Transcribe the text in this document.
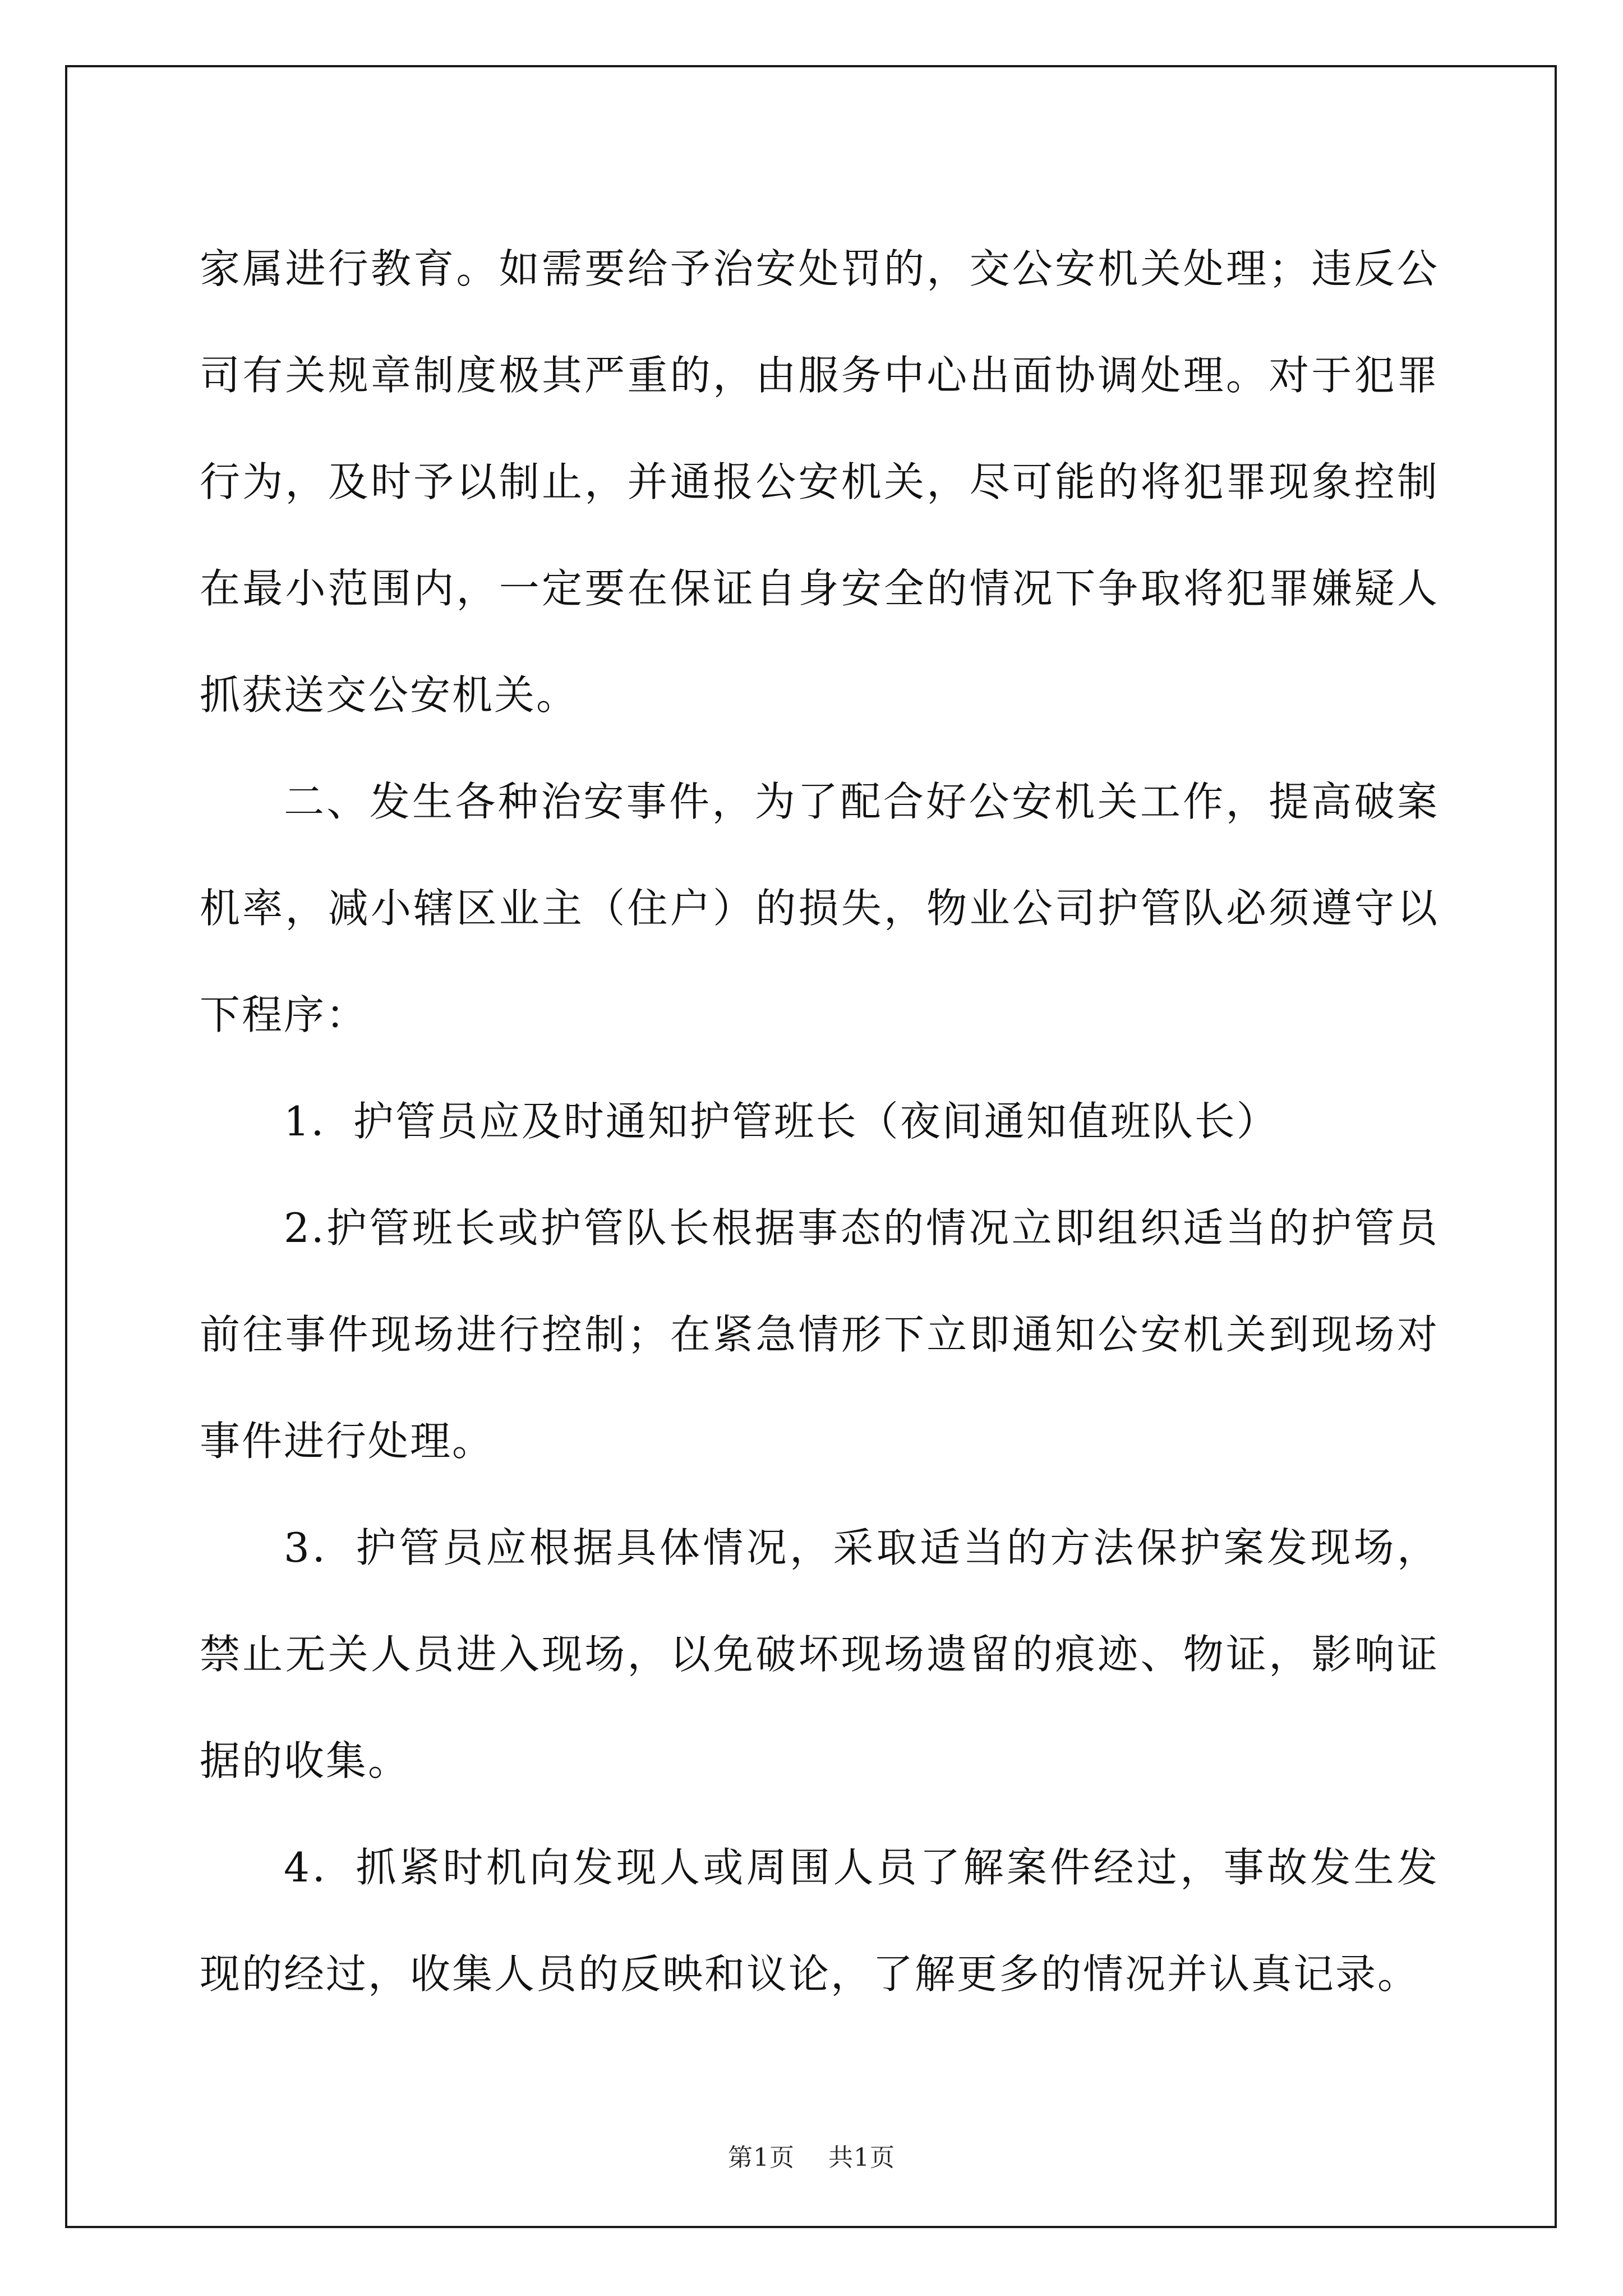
家属进行教育。如需要给予治安处罚的，交公安机关处理；违反公司有关规章制度极其严重的，由服务中心出面协调处理。对于犯罪行为，及时予以制止，并通报公安机关，尽可能的将犯罪现象控制在最小范围内，一定要在保证自身安全的情况下争取将犯罪嫌疑人抓获送交公安机关。

二、发生各种治安事件，为了配合好公安机关工作，提高破案机率，减小辖区业主（住户）的损失，物业公司护管队必须遵守以下程序：

1．护管员应及时通知护管班长（夜间通知值班队长）

2.护管班长或护管队长根据事态的情况立即组织适当的护管员前往事件现场进行控制；在紧急情形下立即通知公安机关到现场对事件进行处理。

3．护管员应根据具体情况，采取适当的方法保护案发现场，禁止无关人员进入现场，以免破坏现场遗留的痕迹、物证，影响证据的收集。

4．抓紧时机向发现人或周围人员了解案件经过，事故发生发现的经过，收集人员的反映和议论，了解更多的情况并认真记录。

第1页 共1页
